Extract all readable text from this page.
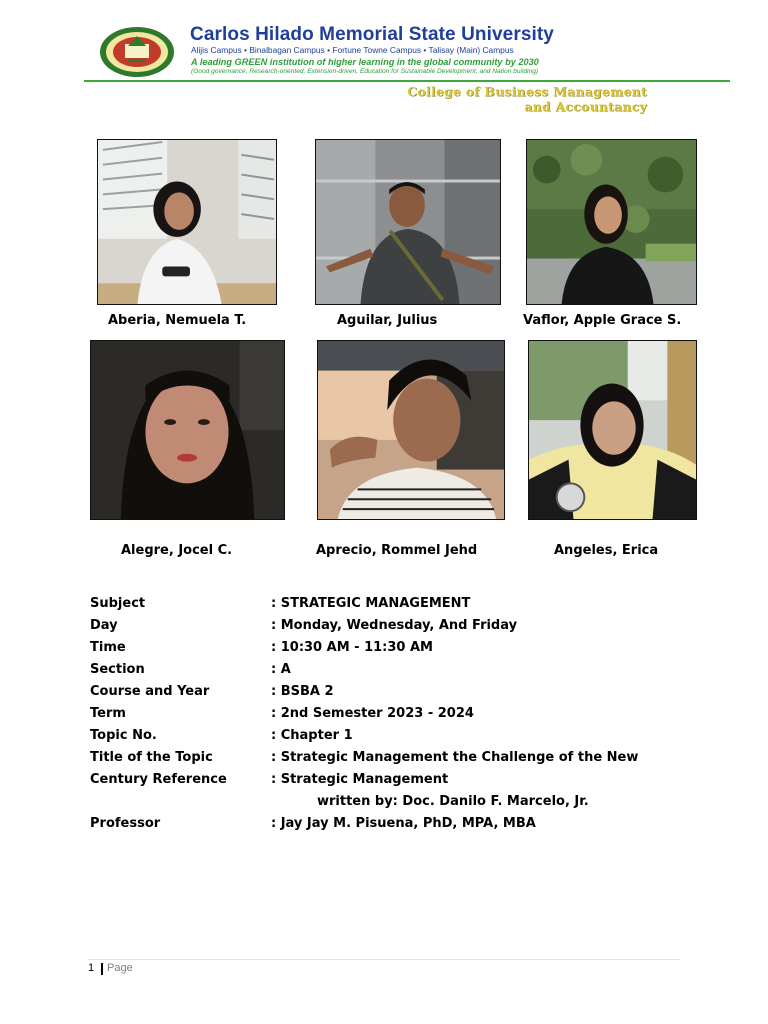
Carlos Hilado Memorial State University
Alijis Campus • Binalbagan Campus • Fortune Towne Campus • Talisay (Main) Campus
A leading GREEN institution of higher learning in the global community by 2030
(Good governance, Research-oriented, Extension-driven, Education for Sustainable Development, and Nation building)
College of Business Management
and Accountancy
Aberia, Nemuela T.	Aguilar, Julius	Vaflor, Apple Grace S.
Alegre, Jocel C.	Aprecio, Rommel Jehd	Angeles, Erica
Subject	: STRATEGIC MANAGEMENT
Day	: Monday, Wednesday, And Friday
Time	: 10:30 AM - 11:30 AM
Section	: A
Course and Year	: BSBA 2
Term	: 2nd Semester 2023 - 2024
Topic No.	: Chapter 1
Title of the Topic	: Strategic Management the Challenge of the New
Century Reference	: Strategic Management
written by: Doc. Danilo F. Marcelo, Jr.
Professor	: Jay Jay M. Pisuena, PhD, MPA, MBA
1 Page
